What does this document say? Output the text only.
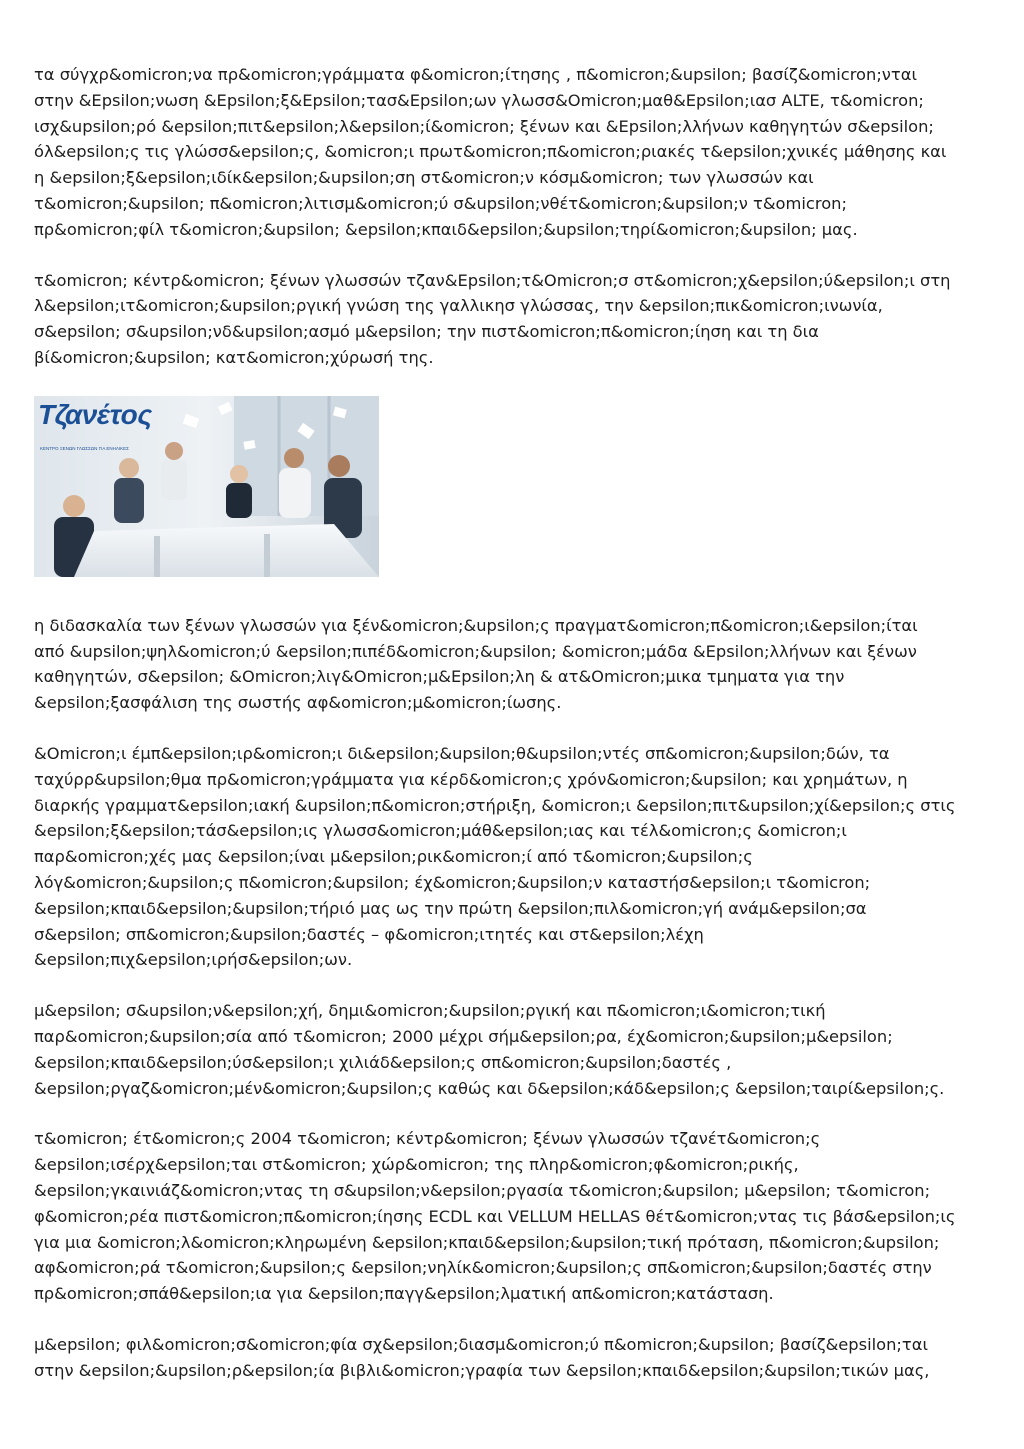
τα σύγχρ&omicron;να πρ&omicron;γράμματα φ&omicron;ίτησης , π&omicron;&upsilon; βασίζ&omicron;νται
στην &Epsilon;νωση &Epsilon;ξ&Epsilon;τασ&Epsilon;ων γλωσσ&Omicron;μαθ&Epsilon;ιασ ALTE, τ&omicron;
ισχ&upsilon;ρό &epsilon;πιτ&epsilon;λ&epsilon;ί&omicron; ξένων και &Epsilon;λλήνων καθηγητών σ&epsilon;
όλ&epsilon;ς τις γλώσσ&epsilon;ς, &omicron;ι πρωτ&omicron;π&omicron;ριακές τ&epsilon;χνικές μάθησης και
η &epsilon;ξ&epsilon;ιδίκ&epsilon;&upsilon;ση στ&omicron;ν κόσμ&omicron; των γλωσσών και
τ&omicron;&upsilon; π&omicron;λιτισμ&omicron;ύ σ&upsilon;νθέτ&omicron;&upsilon;ν τ&omicron;
πρ&omicron;φίλ τ&omicron;&upsilon; &epsilon;κπαιδ&epsilon;&upsilon;τηρί&omicron;&upsilon; μας.

τ&omicron; κέντρ&omicron; ξένων γλωσσών τζαν&Epsilon;τ&Omicron;σ στ&omicron;χ&epsilon;ύ&epsilon;ι στη
λ&epsilon;ιτ&omicron;&upsilon;ργική γνώση της γαλλικησ γλώσσας, την &epsilon;πικ&omicron;ινωνία,
σ&epsilon; σ&upsilon;νδ&upsilon;ασμό μ&epsilon; την πιστ&omicron;π&omicron;ίηση και τη δια
βί&omicron;&upsilon; κατ&omicron;χύρωσή της.

Τζανέτος
ΚΕΝΤΡΟ ΞΕΝΩΝ ΓΛΩΣΣΩΝ ΓΙΑ ΕΝΗΛΙΚΕΣ

η διδασκαλία των ξένων γλωσσών για ξέν&omicron;&upsilon;ς πραγματ&omicron;π&omicron;ι&epsilon;ίται
από &upsilon;ψηλ&omicron;ύ &epsilon;πιπέδ&omicron;&upsilon; &omicron;μάδα &Epsilon;λλήνων και ξένων
καθηγητών, σ&epsilon; &Omicron;λιγ&Omicron;μ&Epsilon;λη & ατ&Omicron;μικα τμηματα για την
&epsilon;ξασφάλιση της σωστής αφ&omicron;μ&omicron;ίωσης.

&Omicron;ι έμπ&epsilon;ιρ&omicron;ι δι&epsilon;&upsilon;θ&upsilon;ντές σπ&omicron;&upsilon;δών, τα
ταχύρρ&upsilon;θμα πρ&omicron;γράμματα για κέρδ&omicron;ς χρόν&omicron;&upsilon; και χρημάτων, η
διαρκής γραμματ&epsilon;ιακή &upsilon;π&omicron;στήριξη, &omicron;ι &epsilon;πιτ&upsilon;χί&epsilon;ς στις
&epsilon;ξ&epsilon;τάσ&epsilon;ις γλωσσ&omicron;μάθ&epsilon;ιας και τέλ&omicron;ς &omicron;ι
παρ&omicron;χές μας &epsilon;ίναι μ&epsilon;ρικ&omicron;ί από τ&omicron;&upsilon;ς
λόγ&omicron;&upsilon;ς π&omicron;&upsilon; έχ&omicron;&upsilon;ν καταστήσ&epsilon;ι τ&omicron;
&epsilon;κπαιδ&epsilon;&upsilon;τήριό μας ως την πρώτη &epsilon;πιλ&omicron;γή ανάμ&epsilon;σα
σ&epsilon; σπ&omicron;&upsilon;δαστές – φ&omicron;ιτητές και στ&epsilon;λέχη
&epsilon;πιχ&epsilon;ιρήσ&epsilon;ων.

μ&epsilon; σ&upsilon;ν&epsilon;χή, δημι&omicron;&upsilon;ργική και π&omicron;ι&omicron;τική
παρ&omicron;&upsilon;σία από τ&omicron; 2000 μέχρι σήμ&epsilon;ρα, έχ&omicron;&upsilon;μ&epsilon;
&epsilon;κπαιδ&epsilon;ύσ&epsilon;ι χιλιάδ&epsilon;ς σπ&omicron;&upsilon;δαστές ,
&epsilon;ργαζ&omicron;μέν&omicron;&upsilon;ς καθώς και δ&epsilon;κάδ&epsilon;ς &epsilon;ταιρί&epsilon;ς.

τ&omicron; έτ&omicron;ς 2004 τ&omicron; κέντρ&omicron; ξένων γλωσσών τζανέτ&omicron;ς
&epsilon;ισέρχ&epsilon;ται στ&omicron; χώρ&omicron; της πληρ&omicron;φ&omicron;ρικής,
&epsilon;γκαινιάζ&omicron;ντας τη σ&upsilon;ν&epsilon;ργασία τ&omicron;&upsilon; μ&epsilon; τ&omicron;
φ&omicron;ρέα πιστ&omicron;π&omicron;ίησης ECDL και VELLUM HELLAS θέτ&omicron;ντας τις βάσ&epsilon;ις
για μια &omicron;λ&omicron;κληρωμένη &epsilon;κπαιδ&epsilon;&upsilon;τική πρόταση, π&omicron;&upsilon;
αφ&omicron;ρά τ&omicron;&upsilon;ς &epsilon;νηλίκ&omicron;&upsilon;ς σπ&omicron;&upsilon;δαστές στην
πρ&omicron;σπάθ&epsilon;ια για &epsilon;παγγ&epsilon;λματική απ&omicron;κατάσταση.

μ&epsilon; φιλ&omicron;σ&omicron;φία σχ&epsilon;διασμ&omicron;ύ π&omicron;&upsilon; βασίζ&epsilon;ται
στην &epsilon;&upsilon;ρ&epsilon;ία βιβλι&omicron;γραφία των &epsilon;κπαιδ&epsilon;&upsilon;τικών μας,
